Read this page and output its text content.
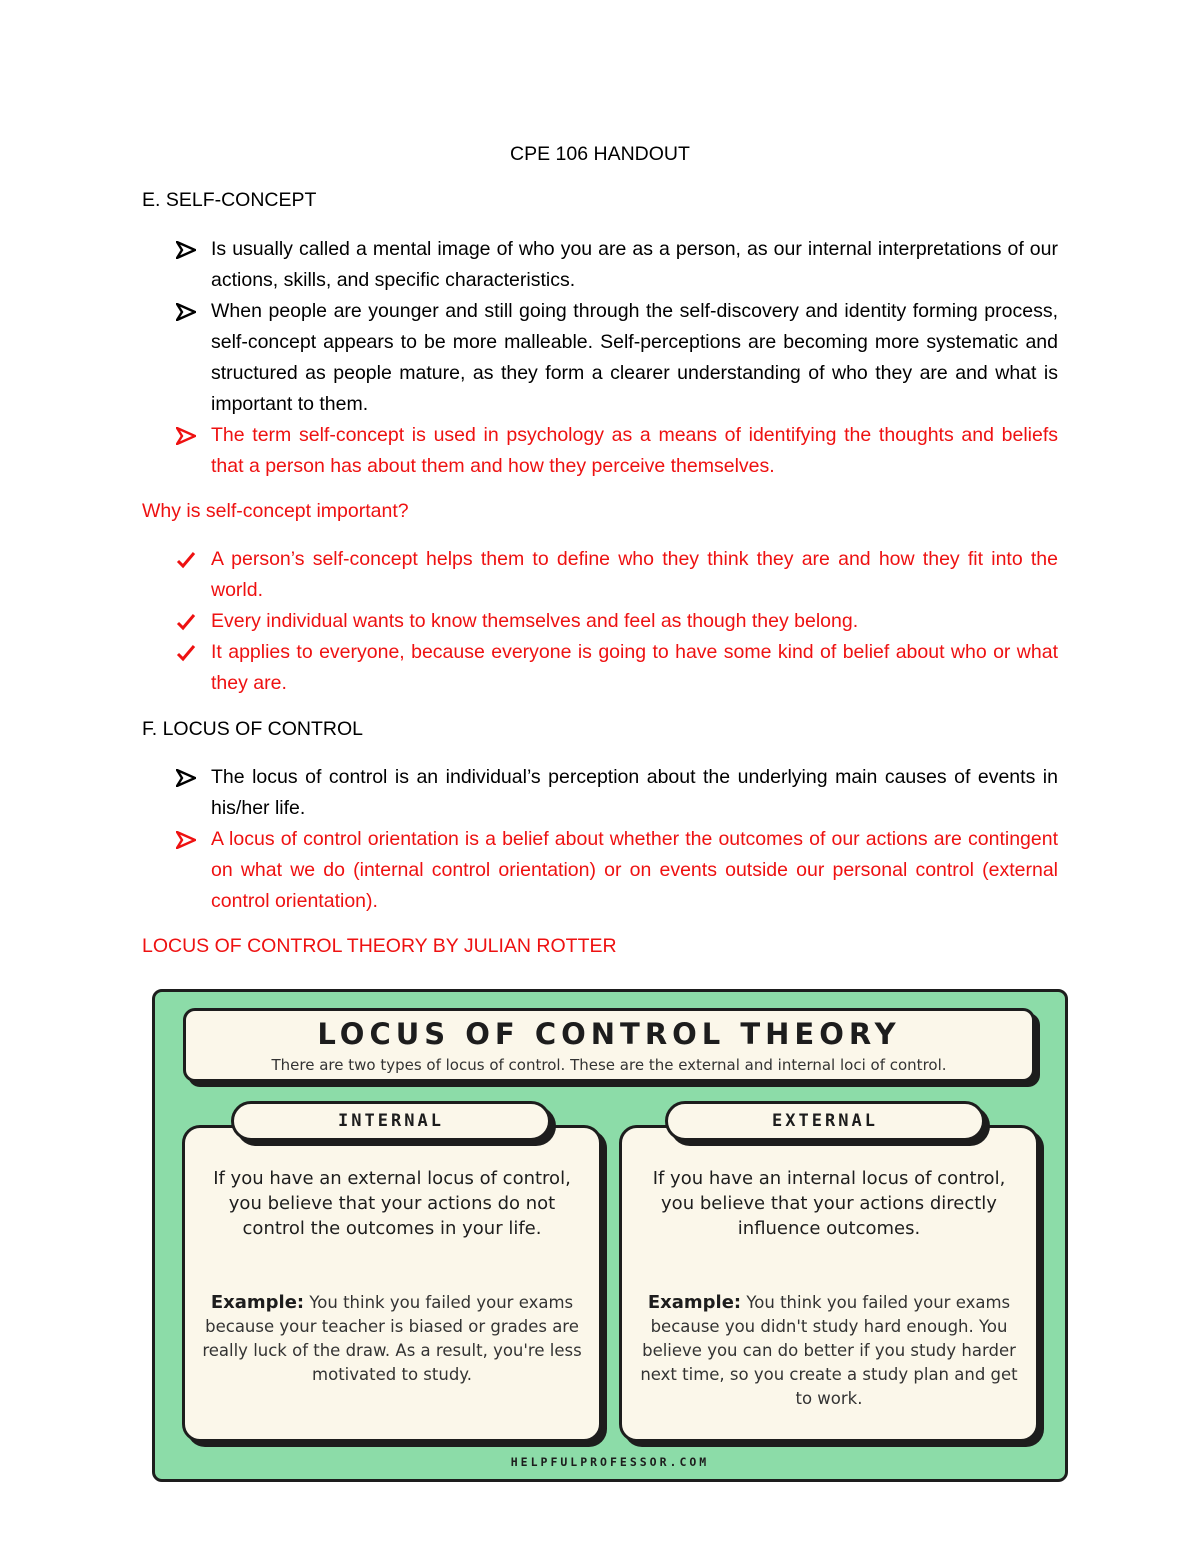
CPE 106 HANDOUT
E. SELF-CONCEPT
Is usually called a mental image of who you are as a person, as our internal interpretations of our actions, skills, and specific characteristics.
When people are younger and still going through the self-discovery and identity forming process, self-concept appears to be more malleable. Self-perceptions are becoming more systematic and structured as people mature, as they form a clearer understanding of who they are and what is important to them.
The term self-concept is used in psychology as a means of identifying the thoughts and beliefs that a person has about them and how they perceive themselves.
Why is self-concept important?
A person’s self-concept helps them to define who they think they are and how they fit into the world.
Every individual wants to know themselves and feel as though they belong.
It applies to everyone, because everyone is going to have some kind of belief about who or what they are.
F. LOCUS OF CONTROL
The locus of control is an individual’s perception about the underlying main causes of events in his/her life.
A locus of control orientation is a belief about whether the outcomes of our actions are contingent on what we do (internal control orientation) or on events outside our personal control (external control orientation).
LOCUS OF CONTROL THEORY BY JULIAN ROTTER
LOCUS OF CONTROL THEORY
There are two types of locus of control. These are the external and internal loci of control.
INTERNAL
If you have an external locus of control, you believe that your actions do not control the outcomes in your life.
Example: You think you failed your exams because your teacher is biased or grades are really luck of the draw. As a result, you're less motivated to study.
EXTERNAL
If you have an internal locus of control, you believe that your actions directly influence outcomes.
Example: You think you failed your exams because you didn't study hard enough. You believe you can do better if you study harder next time, so you create a study plan and get to work.
HELPFULPROFESSOR.COM
